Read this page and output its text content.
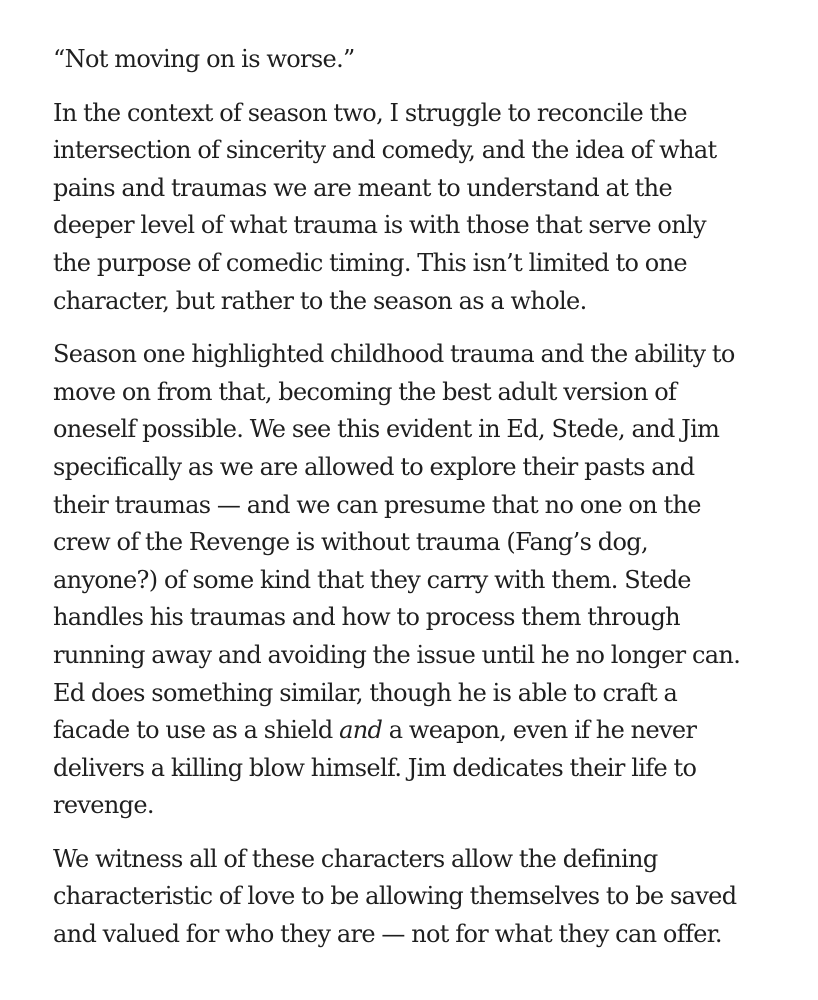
“Not moving on is worse.”

In the context of season two, I struggle to reconcile the
intersection of sincerity and comedy, and the idea of what
pains and traumas we are meant to understand at the
deeper level of what trauma is with those that serve only
the purpose of comedic timing. This isn’t limited to one
character, but rather to the season as a whole.

Season one highlighted childhood trauma and the ability to
move on from that, becoming the best adult version of
oneself possible. We see this evident in Ed, Stede, and Jim
specifically as we are allowed to explore their pasts and
their traumas — and we can presume that no one on the
crew of the Revenge is without trauma (Fang’s dog,
anyone?) of some kind that they carry with them. Stede
handles his traumas and how to process them through
running away and avoiding the issue until he no longer can.
Ed does something similar, though he is able to craft a
facade to use as a shield and a weapon, even if he never
delivers a killing blow himself. Jim dedicates their life to
revenge.

We witness all of these characters allow the defining
characteristic of love to be allowing themselves to be saved
and valued for who they are — not for what they can offer.
